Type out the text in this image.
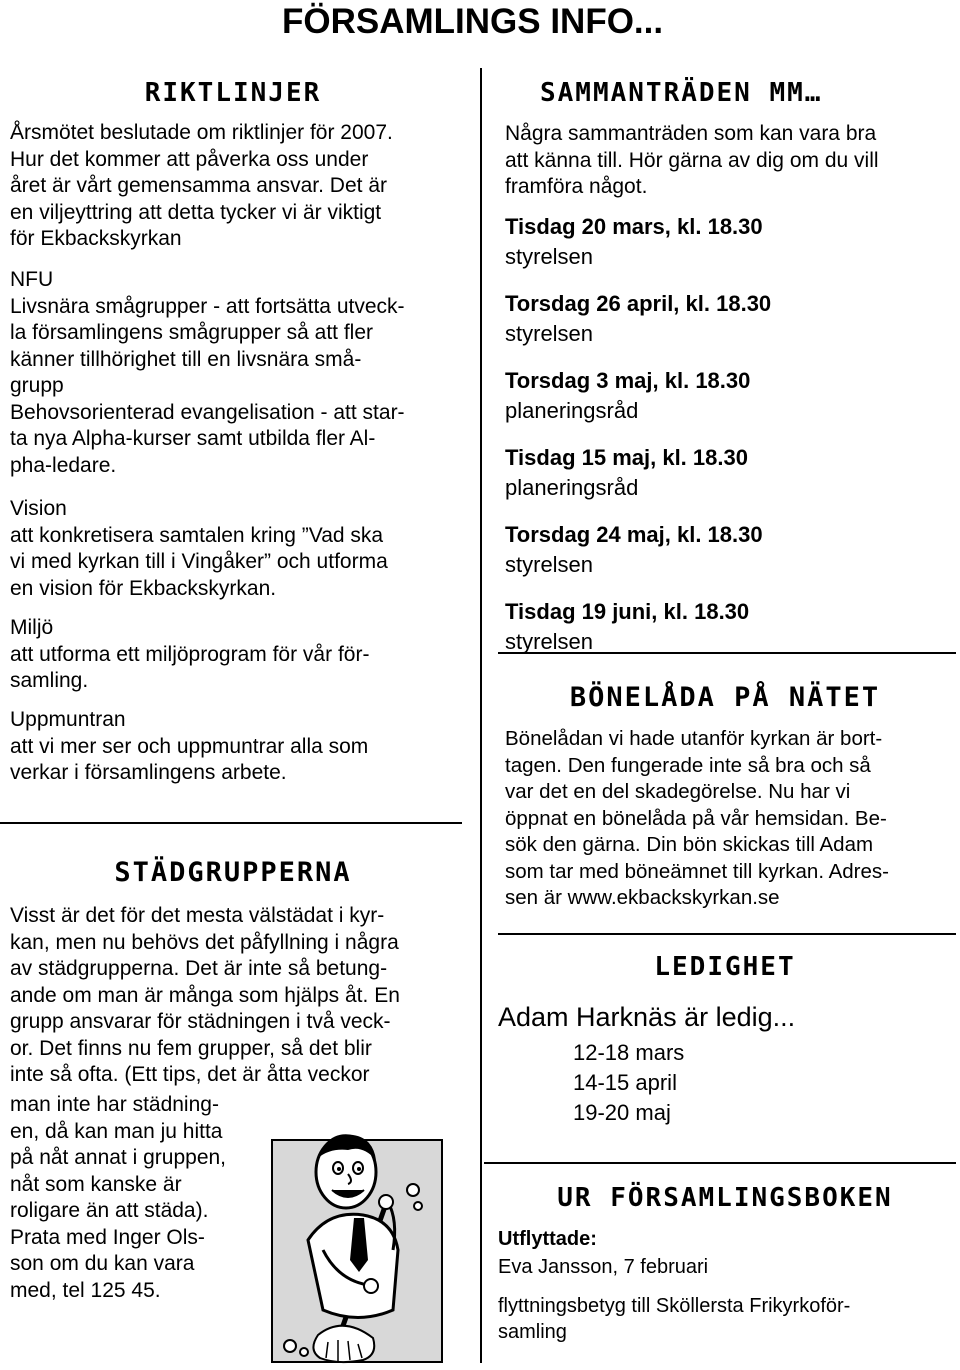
FÖRSAMLINGS INFO...
RIKTLINJER

Årsmötet beslutade om riktlinjer för 2007.
Hur det kommer att påverka oss under
året är vårt gemensamma ansvar. Det är
en viljeyttring att detta tycker vi är viktigt
för Ekbackskyrkan

NFU
Livsnära smågrupper - att fortsätta utveck-
la församlingens smågrupper så att fler
känner tillhörighet till en livsnära små-
grupp
Behovsorienterad evangelisation - att star-
ta nya Alpha-kurser samt utbilda fler Al-
pha-ledare.

Vision
att konkretisera samtalen kring ”Vad ska
vi med kyrkan till i Vingåker” och utforma
en vision för Ekbackskyrkan.

Miljö
att utforma ett miljöprogram för vår för-
samling.

Uppmuntran
att vi mer ser och uppmuntrar alla som
verkar i församlingens arbete.

STÄDGRUPPERNA

Visst är det för det mesta välstädat i kyr-
kan, men nu behövs det påfyllning i några
av städgrupperna. Det är inte så betung-
ande om man är många som hjälps åt. En
grupp ansvarar för städningen i två veck-
or. Det finns nu fem grupper, så det blir
inte så ofta. (Ett tips, det är åtta veckor

man inte har städning-
en, då kan man ju hitta
på nåt annat i gruppen,
nåt som kanske är
roligare än att städa).
Prata med Inger Ols-
son om du kan vara
med, tel 125 45.

SAMMANTRÄDEN MM…

Några sammanträden som kan vara bra
att känna till. Hör gärna av dig om du vill
framföra något.

Tisdag 20 mars, kl. 18.30
styrelsen
Torsdag 26 april, kl. 18.30
styrelsen
Torsdag 3 maj, kl. 18.30
planeringsråd
Tisdag 15 maj, kl. 18.30
planeringsråd
Torsdag 24 maj, kl. 18.30
styrelsen
Tisdag 19 juni, kl. 18.30
styrelsen
BÖNELÅDA PÅ NÄTET

Bönelådan vi hade utanför kyrkan är bort-
tagen. Den fungerade inte så bra och så
var det en del skadegörelse. Nu har vi
öppnat en bönelåda på vår hemsidan. Be-
sök den gärna. Din bön skickas till Adam
som tar med böneämnet till kyrkan. Adres-
sen är www.ekbackskyrkan.se

LEDIGHET
Adam Harknäs är ledig...
12-18 mars
14-15 april
19-20 maj
UR FÖRSAMLINGSBOKEN
Utflyttade:
Eva Jansson, 7 februari

flyttningsbetyg till Sköllersta Frikyrkoför-
samling
